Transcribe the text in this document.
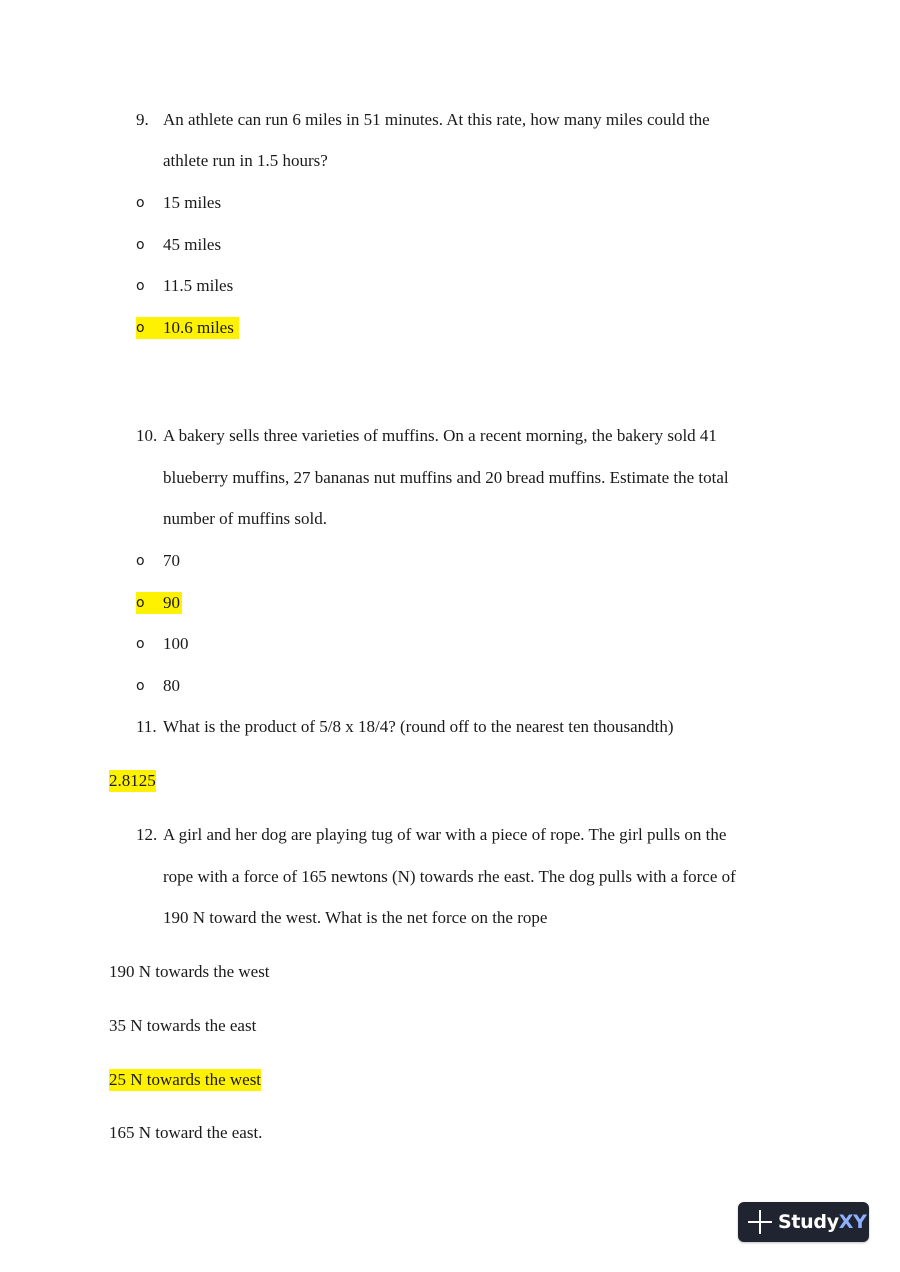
9. An athlete can run 6 miles in 51 minutes. At this rate, how many miles could the
athlete run in 1.5 hours?
o 15 miles
o 45 miles
o 11.5 miles
o 10.6 miles
10. A bakery sells three varieties of muffins. On a recent morning, the bakery sold 41
blueberry muffins, 27 bananas nut muffins and 20 bread muffins. Estimate the total
number of muffins sold.
o 70
o 90
o 100
o 80
11. What is the product of 5/8 x 18/4? (round off to the nearest ten thousandth)
2.8125
12. A girl and her dog are playing tug of war with a piece of rope. The girl pulls on the
rope with a force of 165 newtons (N) towards rhe east. The dog pulls with a force of
190 N toward the west. What is the net force on the rope
190 N towards the west
35 N towards the east
25 N towards the west
165 N toward the east.
StudyXY
